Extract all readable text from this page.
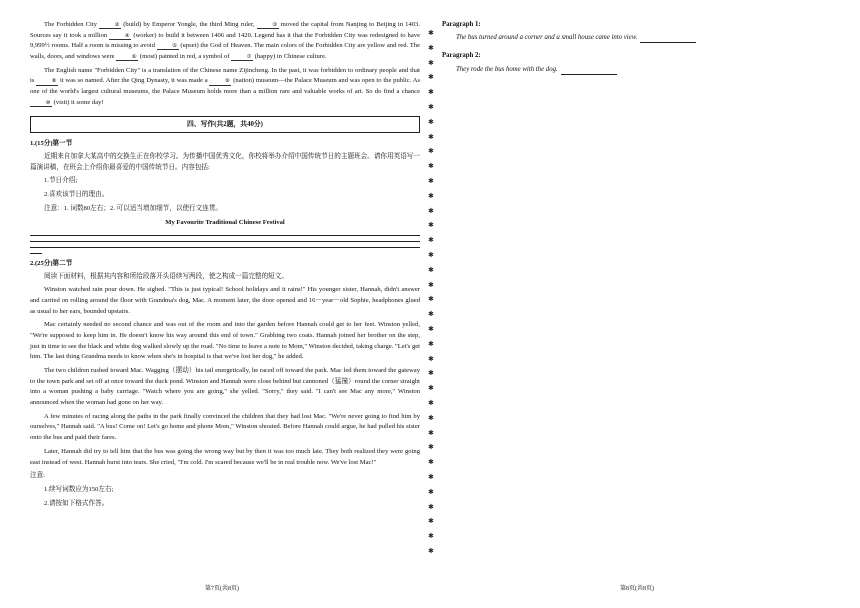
The Forbidden City	② (build) by Emperor Yongle, the third Ming ruler,	③ moved the capital from Nanjing to Beijing in 1403. Sources say it took a million	④ (worker) to build it between 1406 and 1420. Legend has it that the Forbidden City was redesigned to have 9,999½ rooms. Half a room is missing to avoid	⑤ (upset) the God of Heaven. The main colors of the Forbidden City are yellow and red. The walls, doors, and windows were	⑥ (most) painted in red, a symbol of	⑦ (happy) in Chinese culture.

The English name "Forbidden City" is a translation of the Chinese name Zijincheng. In the past, it was forbidden to ordinary people and that is	⑧ it was so named. After the Qing Dynasty, it was made a	⑨ (nation) museum—the Palace Museum and was open to the public. As one of the world's largest cultural museums, the Palace Museum holds more than a million rare and valuable works of art. So do find a chance ⑩ (visit) it some day!

四、写作(共2题，共40分)
1.(15分)第一节

近期来自加拿大某高中的交换生正在你校学习。为传播中国优秀文化，你校将举办介绍中国传统节日的主题班会。请你用英语写一篇演讲稿，在班会上介绍你最喜爱的中国传统节日。内容包括:

1.节日介绍;

2.喜欢该节日的理由。

注意：1. 词数80左右；2. 可以适当增加细节，以使行文连贯。

My Favourite Traditional Chinese Festival
2.(25分)第二节

阅读下面材料，根据其内容和所给段落开头语续写两段，使之构成一篇完整的短文。

Winston watched rain pour down. He sighed. "This is just typical! School holidays and it rains!" His younger sister, Hannah, didn't answer and carried on rolling around the floor with Grandma's dog, Mac. A moment later, the door opened and 16－year－old Sophie, headphones glued as usual to her ears, bounded upstairs.

Mac certainly needed no second chance and was out of the room and into the garden before Hannah could get to her feet. Winston yelled, "We're supposed to keep him in. He doesn't know his way around this end of town." Grabbing two coats. Hannah joined her brother on the step, just in time to see the black and white dog walked slowly up the road. "No time to leave a note to Mom," Winston decided, taking charge. "Let's get him. The last thing Grandma needs to know when she's in hospital is that we've lost her dog," he added.

The two children rushed toward Mac. Wagging（摆动）his tail energetically, he raced off toward the park. Mac led them toward the gateway to the town park and set off at once toward the duck pond. Winston and Hannah were close behind but cannoned（猛撞）round the corner straight into a woman pushing a baby carriage. "Watch where you are going," she yelled. "Sorry," they said. "I can't see Mac any more," Winston announced when the woman had gone on her way.

A few minutes of racing along the paths in the park finally convinced the children that they had lost Mac. "We're never going to find him by ourselves," Hannah said. "A bus! Come on! Let's go home and phone Mom," Winston shouted. Before Hannah could argue, he had pulled his sister onto the bus and paid their fares.

Later, Hannah did try to tell him that the bus was going the wrong way but by then it was too much late. They both realized they were going east instead of west. Hannah burst into tears. She cried, "I'm cold. I'm scared because we'll be in real trouble now. We've lost Mac!"

注意:

1.续写词数应为150左右;

2.请按如下格式作答。

✱
✱
✱
✱
✱
✱
✱
✱
✱
✱
✱
✱
✱
✱
✱
✱
✱
✱
✱
✱
✱
✱
✱
✱
✱
✱
✱
✱
✱
✱
✱
✱
✱
✱
✱
✱

Paragraph 1:

The bus turned around a corner and a small house came into view.

Paragraph 2:

They rode the bus home with the dog.

第7页(共8页)	第8页(共8页)
